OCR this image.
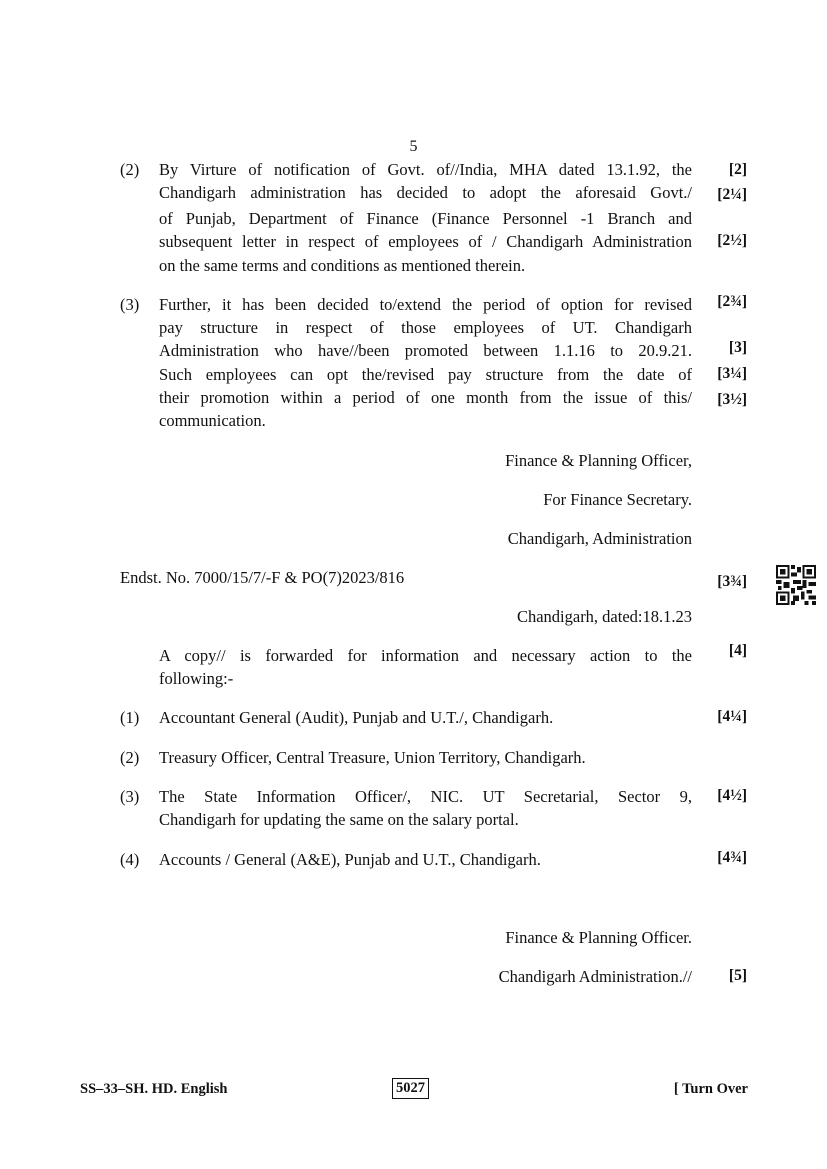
5
(2) By Virture of notification of Govt. of//India, MHA dated 13.1.92, the
Chandigarh administration has decided to adopt the aforesaid Govt./
of Punjab, Department of Finance (Finance Personnel -1 Branch and
subsequent letter in respect of employees of / Chandigarh Administration
on the same terms and conditions as mentioned therein.
(3) Further, it has been decided to/extend the period of option for revised
pay structure in respect of those employees of UT. Chandigarh
Administration who have//been promoted between 1.1.16 to 20.9.21.
Such employees can opt the/revised pay structure from the date of
their promotion within a period of one month from the issue of this/
communication.
Finance & Planning Officer,
For Finance Secretary.
Chandigarh, Administration
Endst. No. 7000/15/7/-F & PO(7)2023/816
Chandigarh, dated:18.1.23
A copy// is forwarded for information and necessary action to the
following:-
(1) Accountant General (Audit), Punjab and U.T./, Chandigarh.
(2) Treasury Officer, Central Treasure, Union Territory, Chandigarh.
(3) The State Information Officer/, NIC. UT Secretarial, Sector 9,
Chandigarh for updating the same on the salary portal.
(4) Accounts / General (A&E), Punjab and U.T., Chandigarh.
Finance & Planning Officer.
Chandigarh Administration.//
[2]
[2¼]
[2½]
[2¾]
[3]
[3¼]
[3½]
[3¾]
[4]
[4¼]
[4½]
[4¾]
[5]
SS–33–SH. HD. English	5027	[ Turn Over
